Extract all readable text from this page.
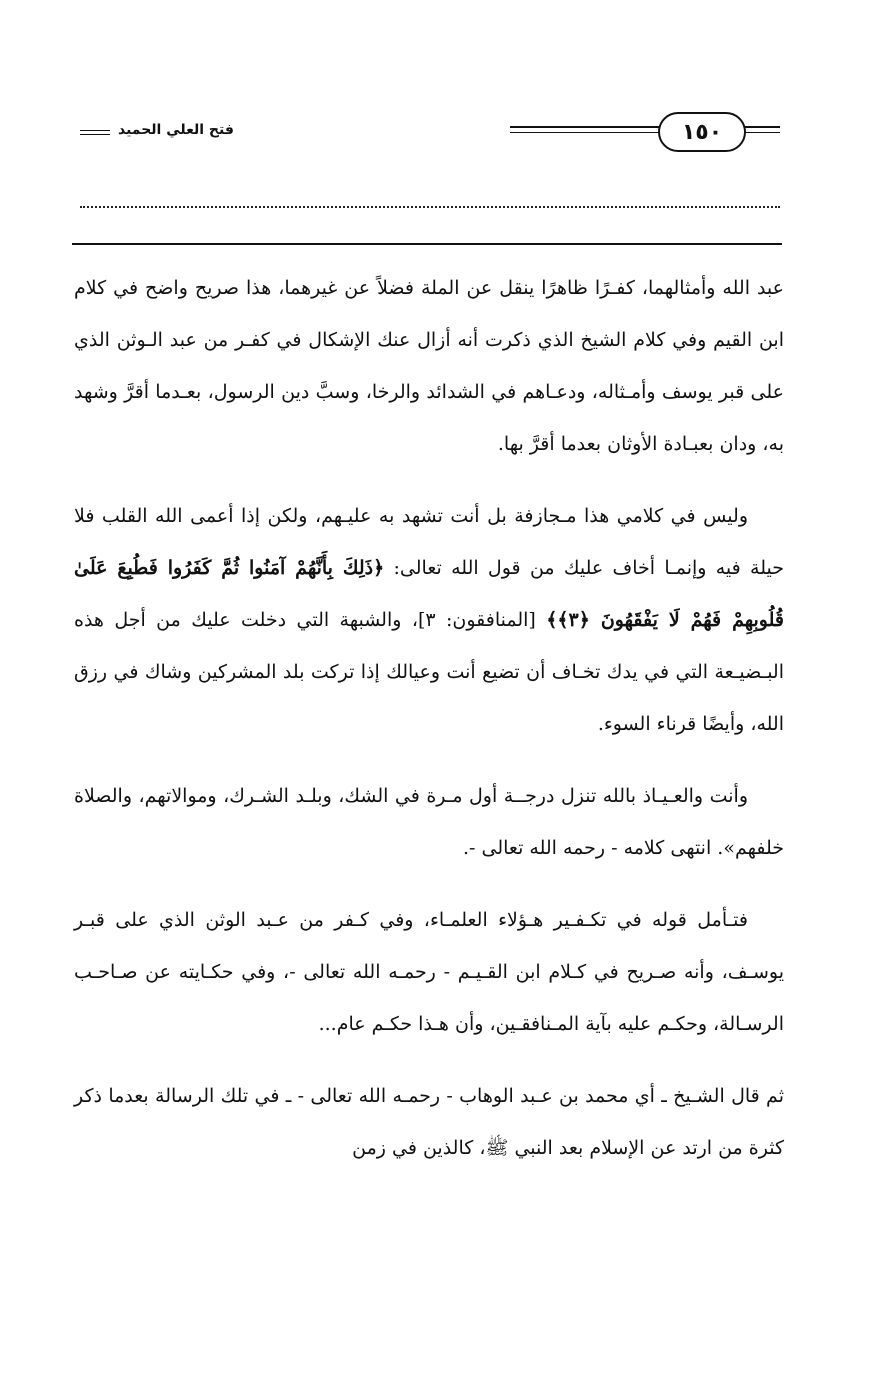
فتح العلي الحميد	١٥٠

عبد الله وأمثالهما، كفـرًا ظاهرًا ينقل عن الملة فضلاً عن غيرهما، هذا صريح واضح في كلام ابن القيم وفي كلام الشيخ الذي ذكرت أنه أزال عنك الإشكال في كفـر من عبد الـوثن الذي على قبر يوسف وأمـثاله، ودعـاهم في الشدائد والرخا، وسبَّ دين الرسول، بعـدما أقرَّ وشهد به، ودان بعبـادة الأوثان بعدما أقرَّ بها.

وليس في كلامي هذا مـجازفة بل أنت تشهد به عليـهم، ولكن إذا أعمى الله القلب فلا حيلة فيه وإنمـا أخاف عليك من قول الله تعالى: ﴿ذَلِكَ بِأَنَّهُمْ آمَنُوا ثُمَّ كَفَرُوا فَطُبِعَ عَلَىٰ قُلُوبِهِمْ فَهُمْ لَا يَفْقَهُونَ ﴿٣﴾﴾ [المنافقون: ٣]، والشبهة التي دخلت عليك من أجل هذه البـضيـعة التي في يدك تخـاف أن تضيع أنت وعيالك إذا تركت بلد المشركين وشاك في رزق الله، وأيضًا قرناء السوء.

وأنت والعـيـاذ بالله تنزل درجــة أول مـرة في الشك، وبلـد الشـرك، وموالاتهم، والصلاة خلفهم». انتهى كلامه - رحمه الله تعالى -.

فتـأمل قوله في تكـفـير هـؤلاء العلمـاء، وفي كـفر من عـبد الوثن الذي على قبـر يوسـف، وأنه صـريح في كـلام ابن القـيـم - رحمـه الله تعالى -، وفي حكـايته عن صـاحـب الرسـالة، وحكـم عليه بآية المـنافقـين، وأن هـذا حكـم عام...

ثم قال الشـيخ ـ أي محمد بن عـبد الوهاب - رحمـه الله تعالى - ـ في تلك الرسالة بعدما ذكر كثرة من ارتد عن الإسلام بعد النبي ﷺ، كالذين في زمن
